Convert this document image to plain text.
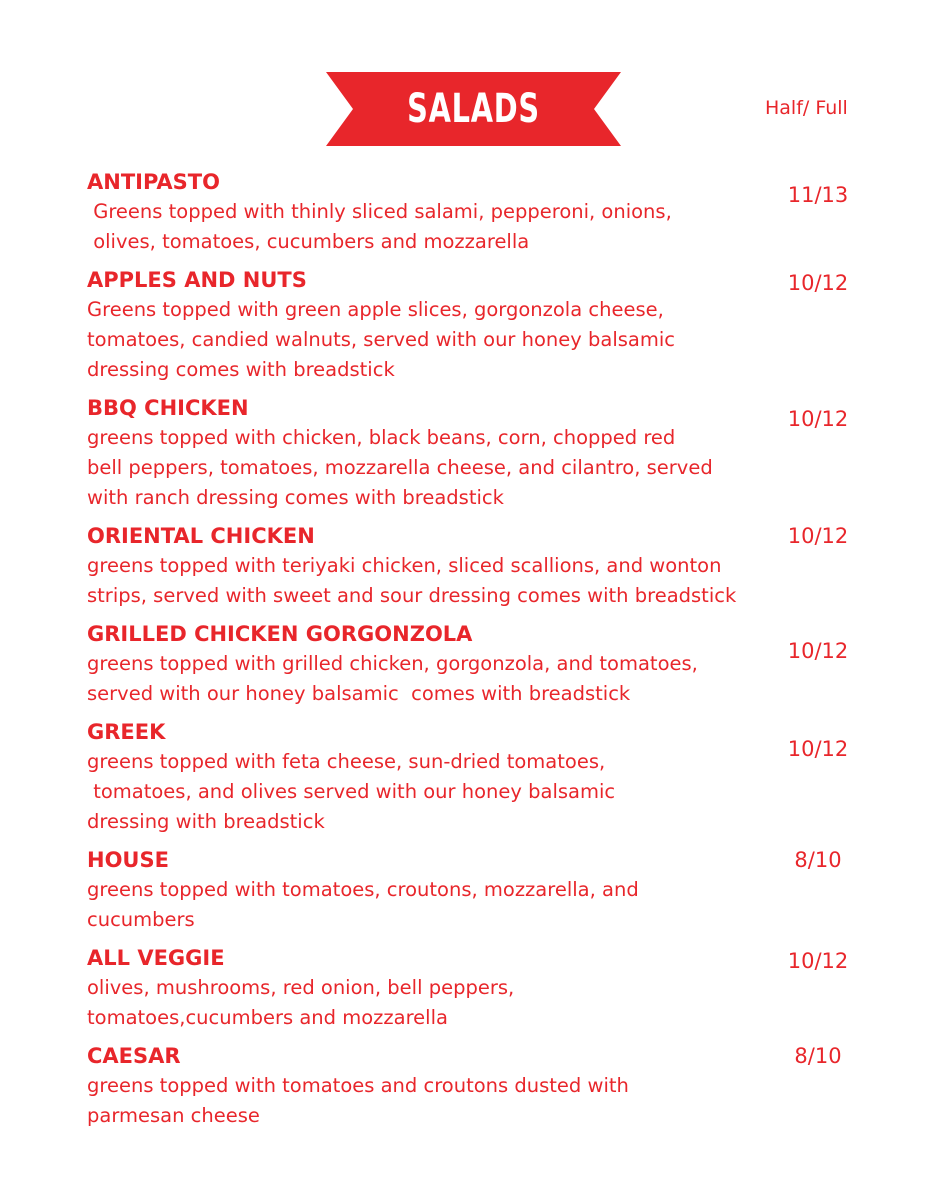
SALADS	Half/ Full
ANTIPASTO
Greens topped with thinly sliced salami, pepperoni, onions,
olives, tomatoes, cucumbers and mozzarella
11/13
APPLES AND NUTS
Greens topped with green apple slices, gorgonzola cheese,
tomatoes, candied walnuts, served with our honey balsamic
dressing comes with breadstick
10/12
BBQ CHICKEN
greens topped with chicken, black beans, corn, chopped red
bell peppers, tomatoes, mozzarella cheese, and cilantro, served
with ranch dressing comes with breadstick
10/12
ORIENTAL CHICKEN
greens topped with teriyaki chicken, sliced scallions, and wonton
strips, served with sweet and sour dressing comes with breadstick
10/12
GRILLED CHICKEN GORGONZOLA
greens topped with grilled chicken, gorgonzola, and tomatoes,
served with our honey balsamic  comes with breadstick
10/12
GREEK
greens topped with feta cheese, sun-dried tomatoes,
tomatoes, and olives served with our honey balsamic
dressing with breadstick
10/12
HOUSE
greens topped with tomatoes, croutons, mozzarella, and
cucumbers
8/10
ALL VEGGIE
olives, mushrooms, red onion, bell peppers,
tomatoes,cucumbers and mozzarella
10/12
CAESAR
greens topped with tomatoes and croutons dusted with
parmesan cheese
8/10
